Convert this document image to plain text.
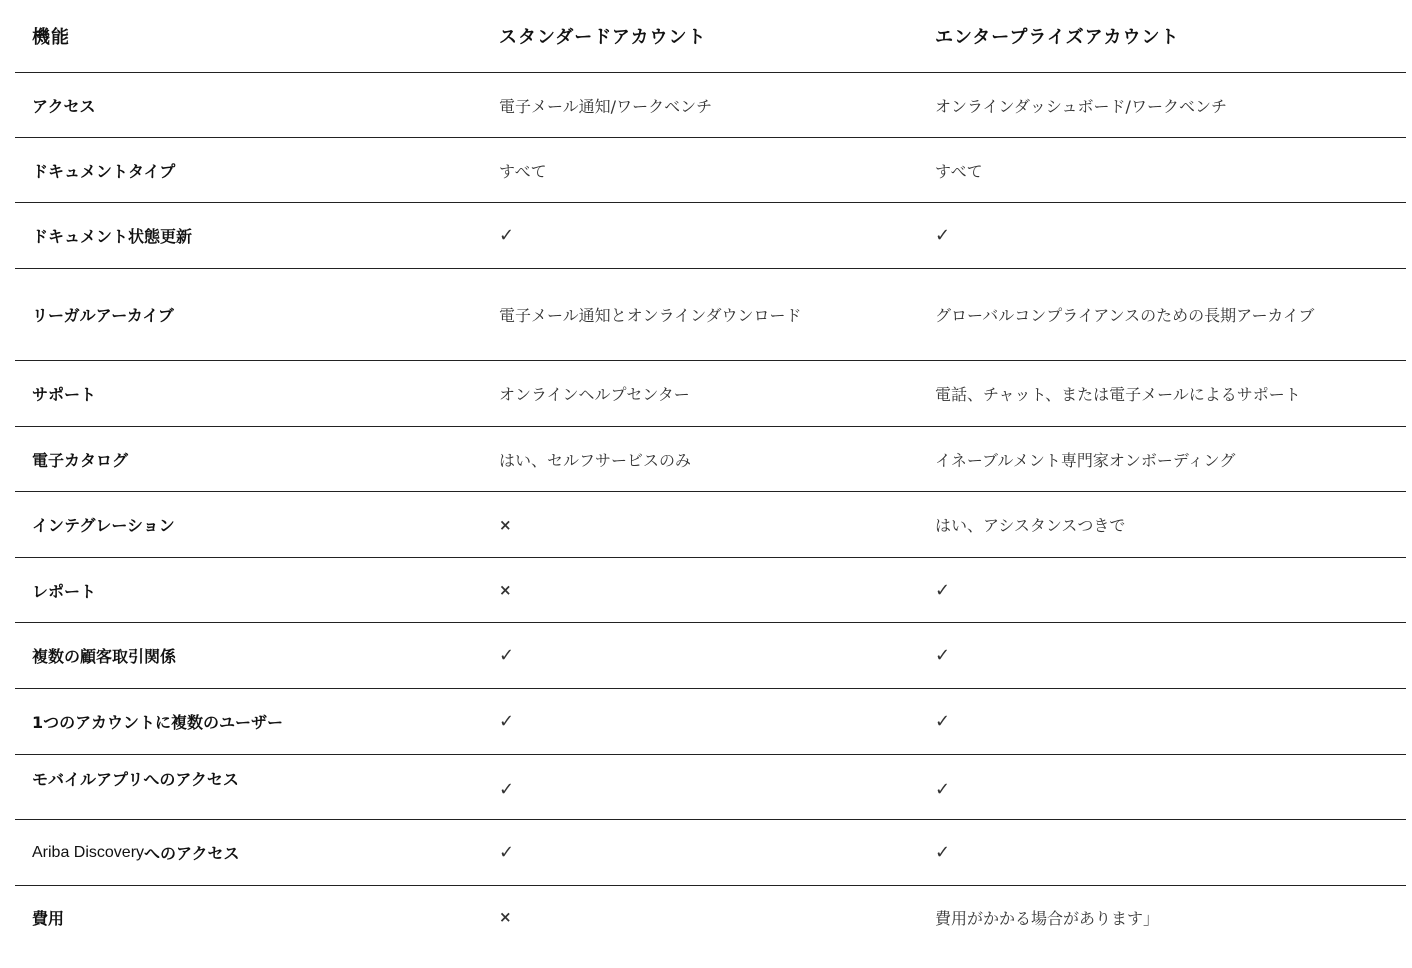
機能	スタンダードアカウント	エンタープライズアカウント
アクセス	電子メール通知/ワークベンチ	オンラインダッシュボード/ワークベンチ
ドキュメントタイプ	すべて	すべて
ドキュメント状態更新	✓	✓
リーガルアーカイブ	電子メール通知とオンラインダウンロード	グローバルコンプライアンスのための長期アーカイブ
サポート	オンラインヘルプセンター	電話、チャット、または電子メールによるサポート
電子カタログ	はい、セルフサービスのみ	イネーブルメント専門家オンボーディング
インテグレーション	×	はい、アシスタンスつきで
レポート	×	✓
複数の顧客取引関係	✓	✓
1つのアカウントに複数のユーザー	✓	✓
モバイルアプリへのアクセス	✓	✓
Ariba Discovery へのアクセス	✓	✓
費用	×	費用がかかる場合があります」
